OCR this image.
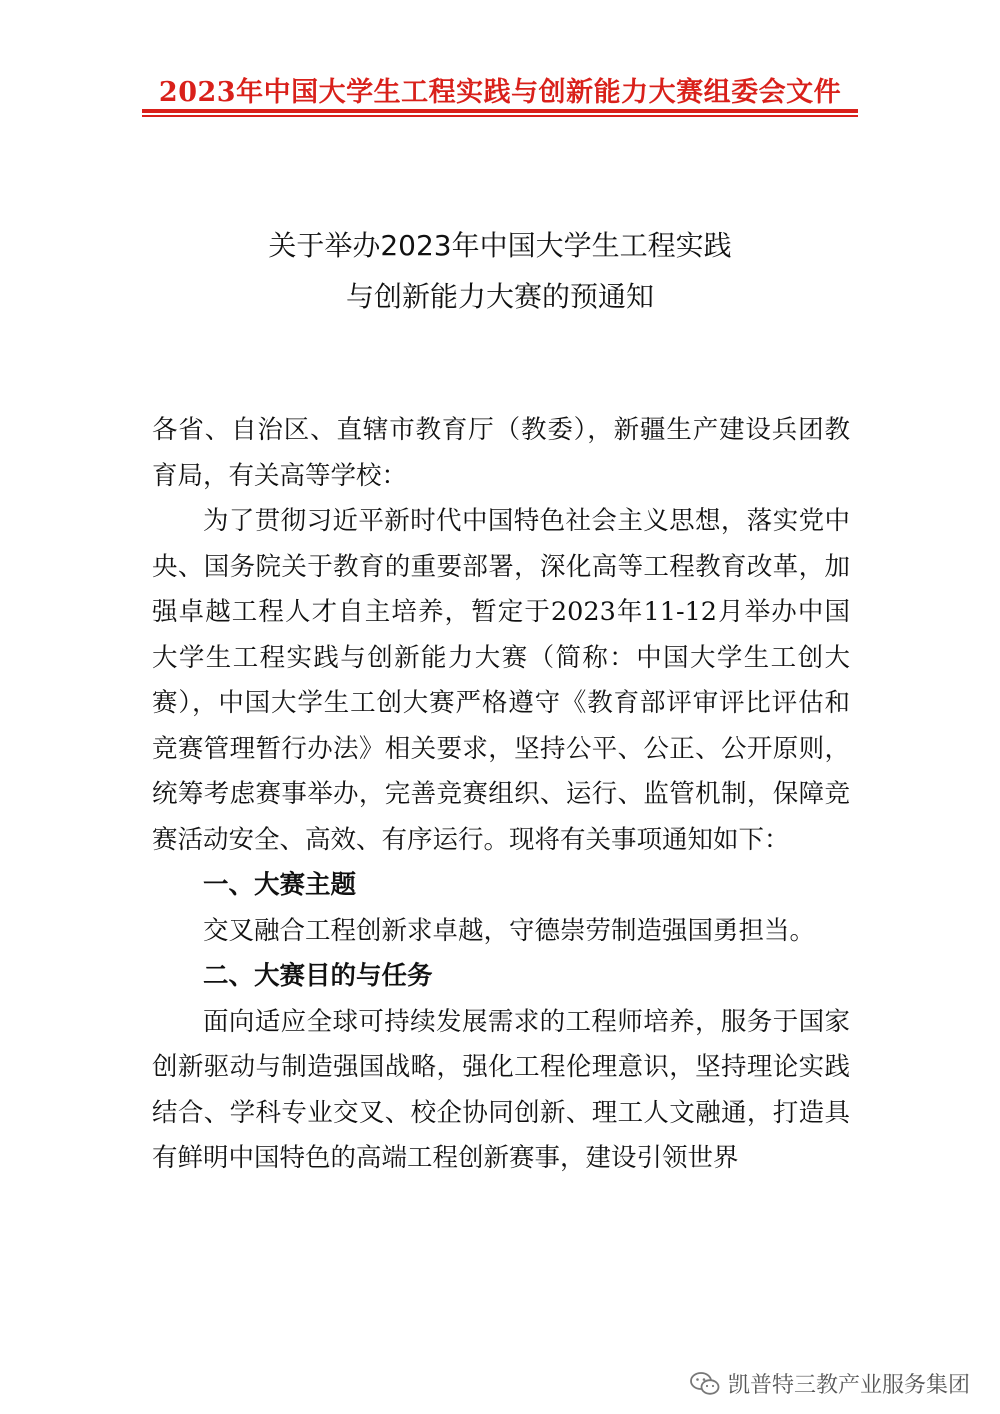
2023年中国大学生工程实践与创新能力大赛组委会文件
关于举办2023年中国大学生工程实践
与创新能力大赛的预通知

各省、自治区、直辖市教育厅（教委），新疆生产建设兵团教育局，有关高等学校：

为了贯彻习近平新时代中国特色社会主义思想，落实党中央、国务院关于教育的重要部署，深化高等工程教育改革，加强卓越工程人才自主培养，暂定于2023年11-12月举办中国大学生工程实践与创新能力大赛（简称：中国大学生工创大赛），中国大学生工创大赛严格遵守《教育部评审评比评估和竞赛管理暂行办法》相关要求，坚持公平、公正、公开原则，统筹考虑赛事举办，完善竞赛组织、运行、监管机制，保障竞赛活动安全、高效、有序运行。现将有关事项通知如下：

一、大赛主题

交叉融合工程创新求卓越，守德崇劳制造强国勇担当。

二、大赛目的与任务

面向适应全球可持续发展需求的工程师培养，服务于国家创新驱动与制造强国战略，强化工程伦理意识，坚持理论实践结合、学科专业交叉、校企协同创新、理工人文融通，打造具有鲜明中国特色的高端工程创新赛事，建设引领世界

凯普特三教产业服务集团
